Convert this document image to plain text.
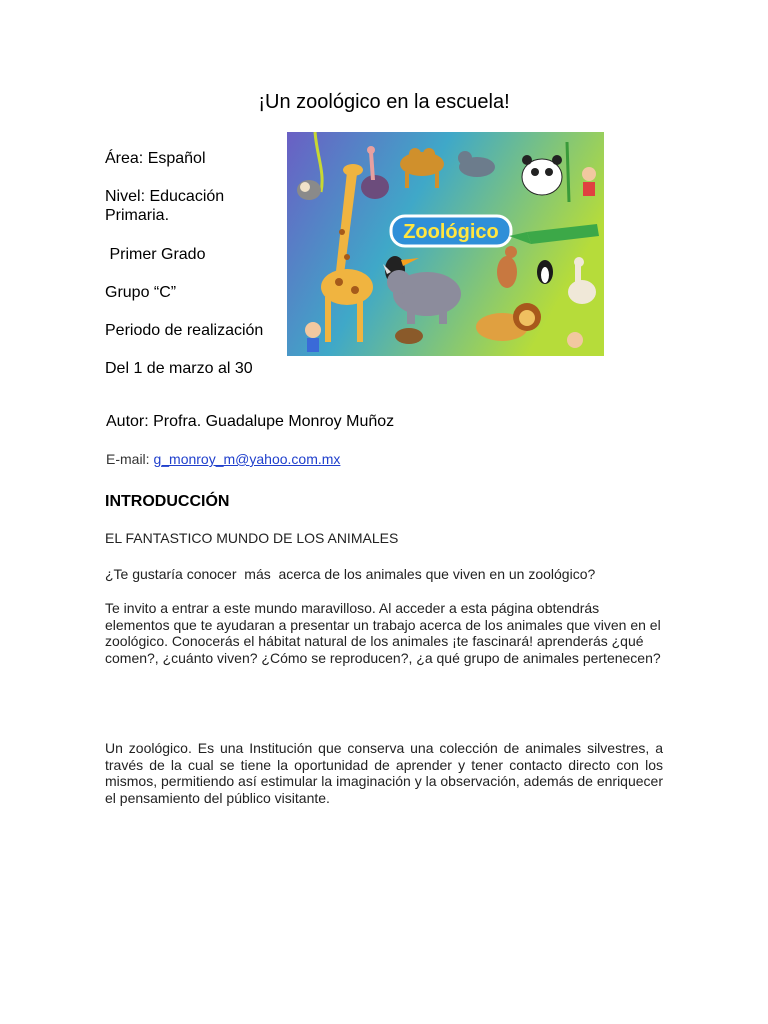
¡Un zoológico en la escuela!
Área: Español
Nivel: Educación Primaria.
Primer Grado
Grupo “C”
Periodo de realización
Del 1 de marzo al 30
Zoológico
Autor: Profra. Guadalupe Monroy Muñoz
E-mail: g_monroy_m@yahoo.com.mx
INTRODUCCIÓN
EL FANTASTICO MUNDO DE LOS ANIMALES
¿Te gustaría conocer  más  acerca de los animales que viven en un zoológico?
Te invito a entrar a este mundo maravilloso. Al acceder a esta página obtendrás elementos que te ayudaran a presentar un trabajo acerca de los animales que viven en el zoológico. Conocerás el hábitat natural de los animales ¡te fascinará! aprenderás ¿qué comen?, ¿cuánto viven? ¿Cómo se reproducen?, ¿a qué grupo de animales pertenecen?
Un zoológico. Es una Institución que conserva una colección de animales silvestres, a través de la cual se tiene la oportunidad de aprender y tener contacto directo con los mismos, permitiendo así estimular la imaginación y la observación, además de enriquecer el pensamiento del público visitante.
